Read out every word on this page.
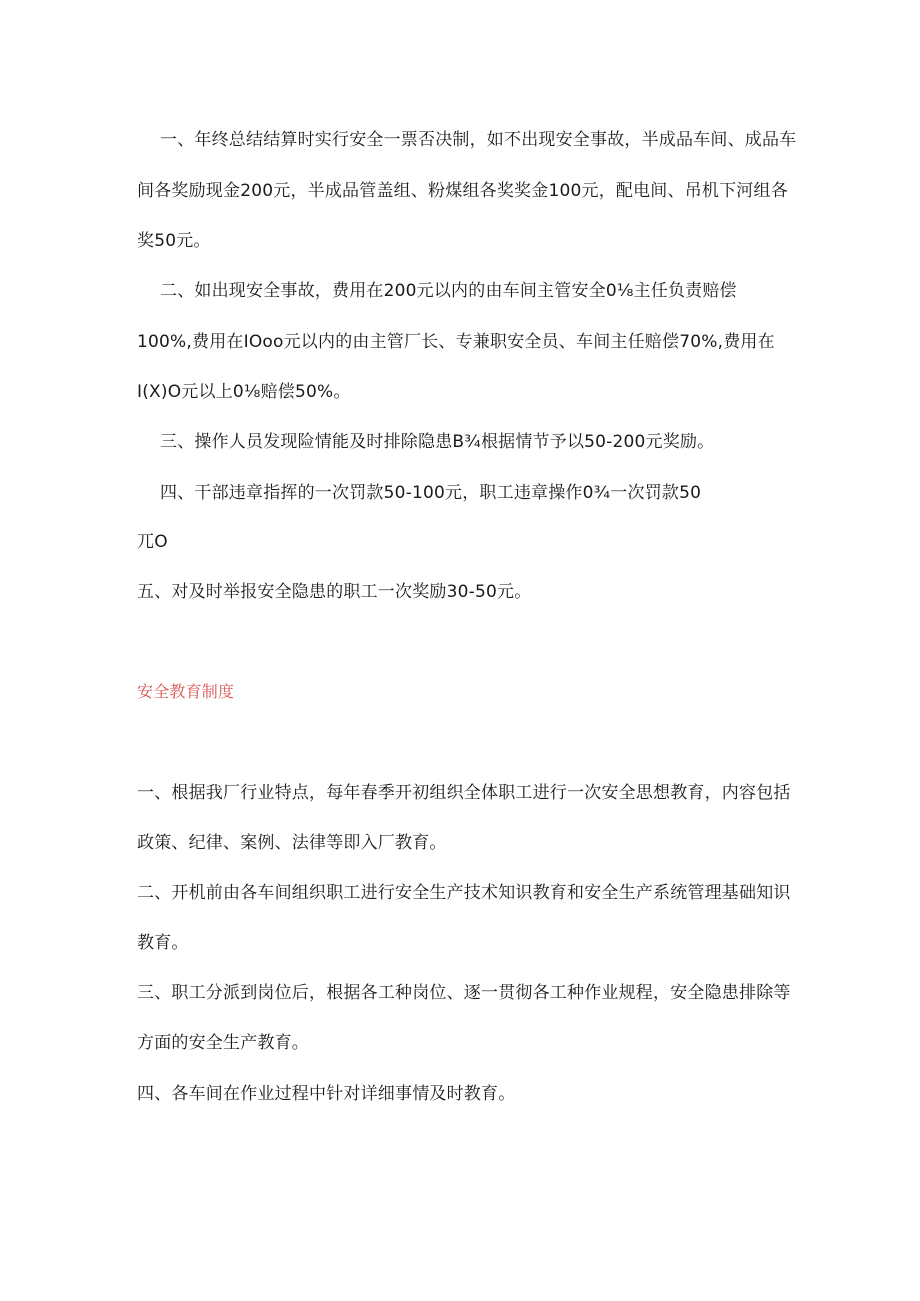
一、年终总结结算时实行安全一票否决制，如不出现安全事故，半成品车间、成品车
间各奖励现金200元，半成品管盖组、粉煤组各奖奖金100元，配电间、吊机下河组各
奖50元。
二、如出现安全事故，费用在200元以内的由车间主管安全0⅛主任负责赔偿
100%,费用在IOoo元以内的由主管厂长、专兼职安全员、车间主任赔偿70%,费用在
I(X)O元以上0⅛赔偿50%。
三、操作人员发现险情能及时排除隐患B¾根据情节予以50-200元奖励。
四、干部违章指挥的一次罚款50-100元，职工违章操作0¾一次罚款50
兀O
五、对及时举报安全隐患的职工一次奖励30-50元。
安全教育制度
一、根据我厂行业特点，每年春季开初组织全体职工进行一次安全思想教育，内容包括
政策、纪律、案例、法律等即入厂教育。
二、开机前由各车间组织职工进行安全生产技术知识教育和安全生产系统管理基础知识
教育。
三、职工分派到岗位后，根据各工种岗位、逐一贯彻各工种作业规程，安全隐患排除等
方面的安全生产教育。
四、各车间在作业过程中针对详细事情及时教育。
